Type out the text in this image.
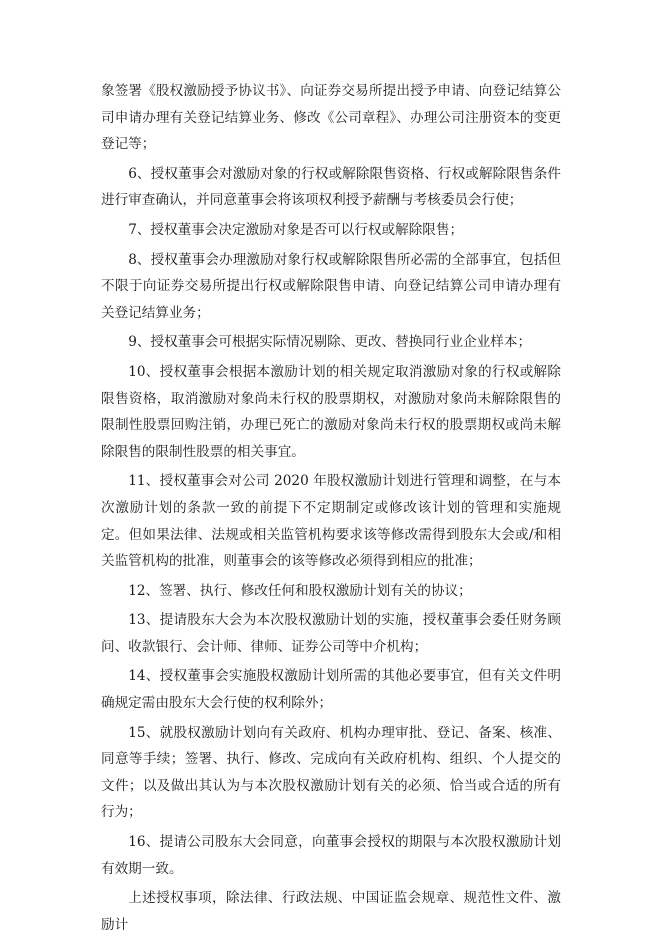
象签署《股权激励授予协议书》、向证券交易所提出授予申请、向登记结算公司申请办理有关登记结算业务、修改《公司章程》、办理公司注册资本的变更登记等；

6、授权董事会对激励对象的行权或解除限售资格、行权或解除限售条件进行审查确认，并同意董事会将该项权利授予薪酬与考核委员会行使；

7、授权董事会决定激励对象是否可以行权或解除限售；

8、授权董事会办理激励对象行权或解除限售所必需的全部事宜，包括但不限于向证券交易所提出行权或解除限售申请、向登记结算公司申请办理有关登记结算业务；

9、授权董事会可根据实际情况剔除、更改、替换同行业企业样本；

10、授权董事会根据本激励计划的相关规定取消激励对象的行权或解除限售资格，取消激励对象尚未行权的股票期权，对激励对象尚未解除限售的限制性股票回购注销，办理已死亡的激励对象尚未行权的股票期权或尚未解除限售的限制性股票的相关事宜。

11、授权董事会对公司 2020 年股权激励计划进行管理和调整，在与本次激励计划的条款一致的前提下不定期制定或修改该计划的管理和实施规定。但如果法律、法规或相关监管机构要求该等修改需得到股东大会或/和相关监管机构的批准，则董事会的该等修改必须得到相应的批准；

12、签署、执行、修改任何和股权激励计划有关的协议；

13、提请股东大会为本次股权激励计划的实施，授权董事会委任财务顾问、收款银行、会计师、律师、证券公司等中介机构；

14、授权董事会实施股权激励计划所需的其他必要事宜，但有关文件明确规定需由股东大会行使的权利除外；

15、就股权激励计划向有关政府、机构办理审批、登记、备案、核准、同意等手续；签署、执行、修改、完成向有关政府机构、组织、个人提交的文件；以及做出其认为与本次股权激励计划有关的必须、恰当或合适的所有行为；

16、提请公司股东大会同意，向董事会授权的期限与本次股权激励计划有效期一致。

上述授权事项，除法律、行政法规、中国证监会规章、规范性文件、激励计
